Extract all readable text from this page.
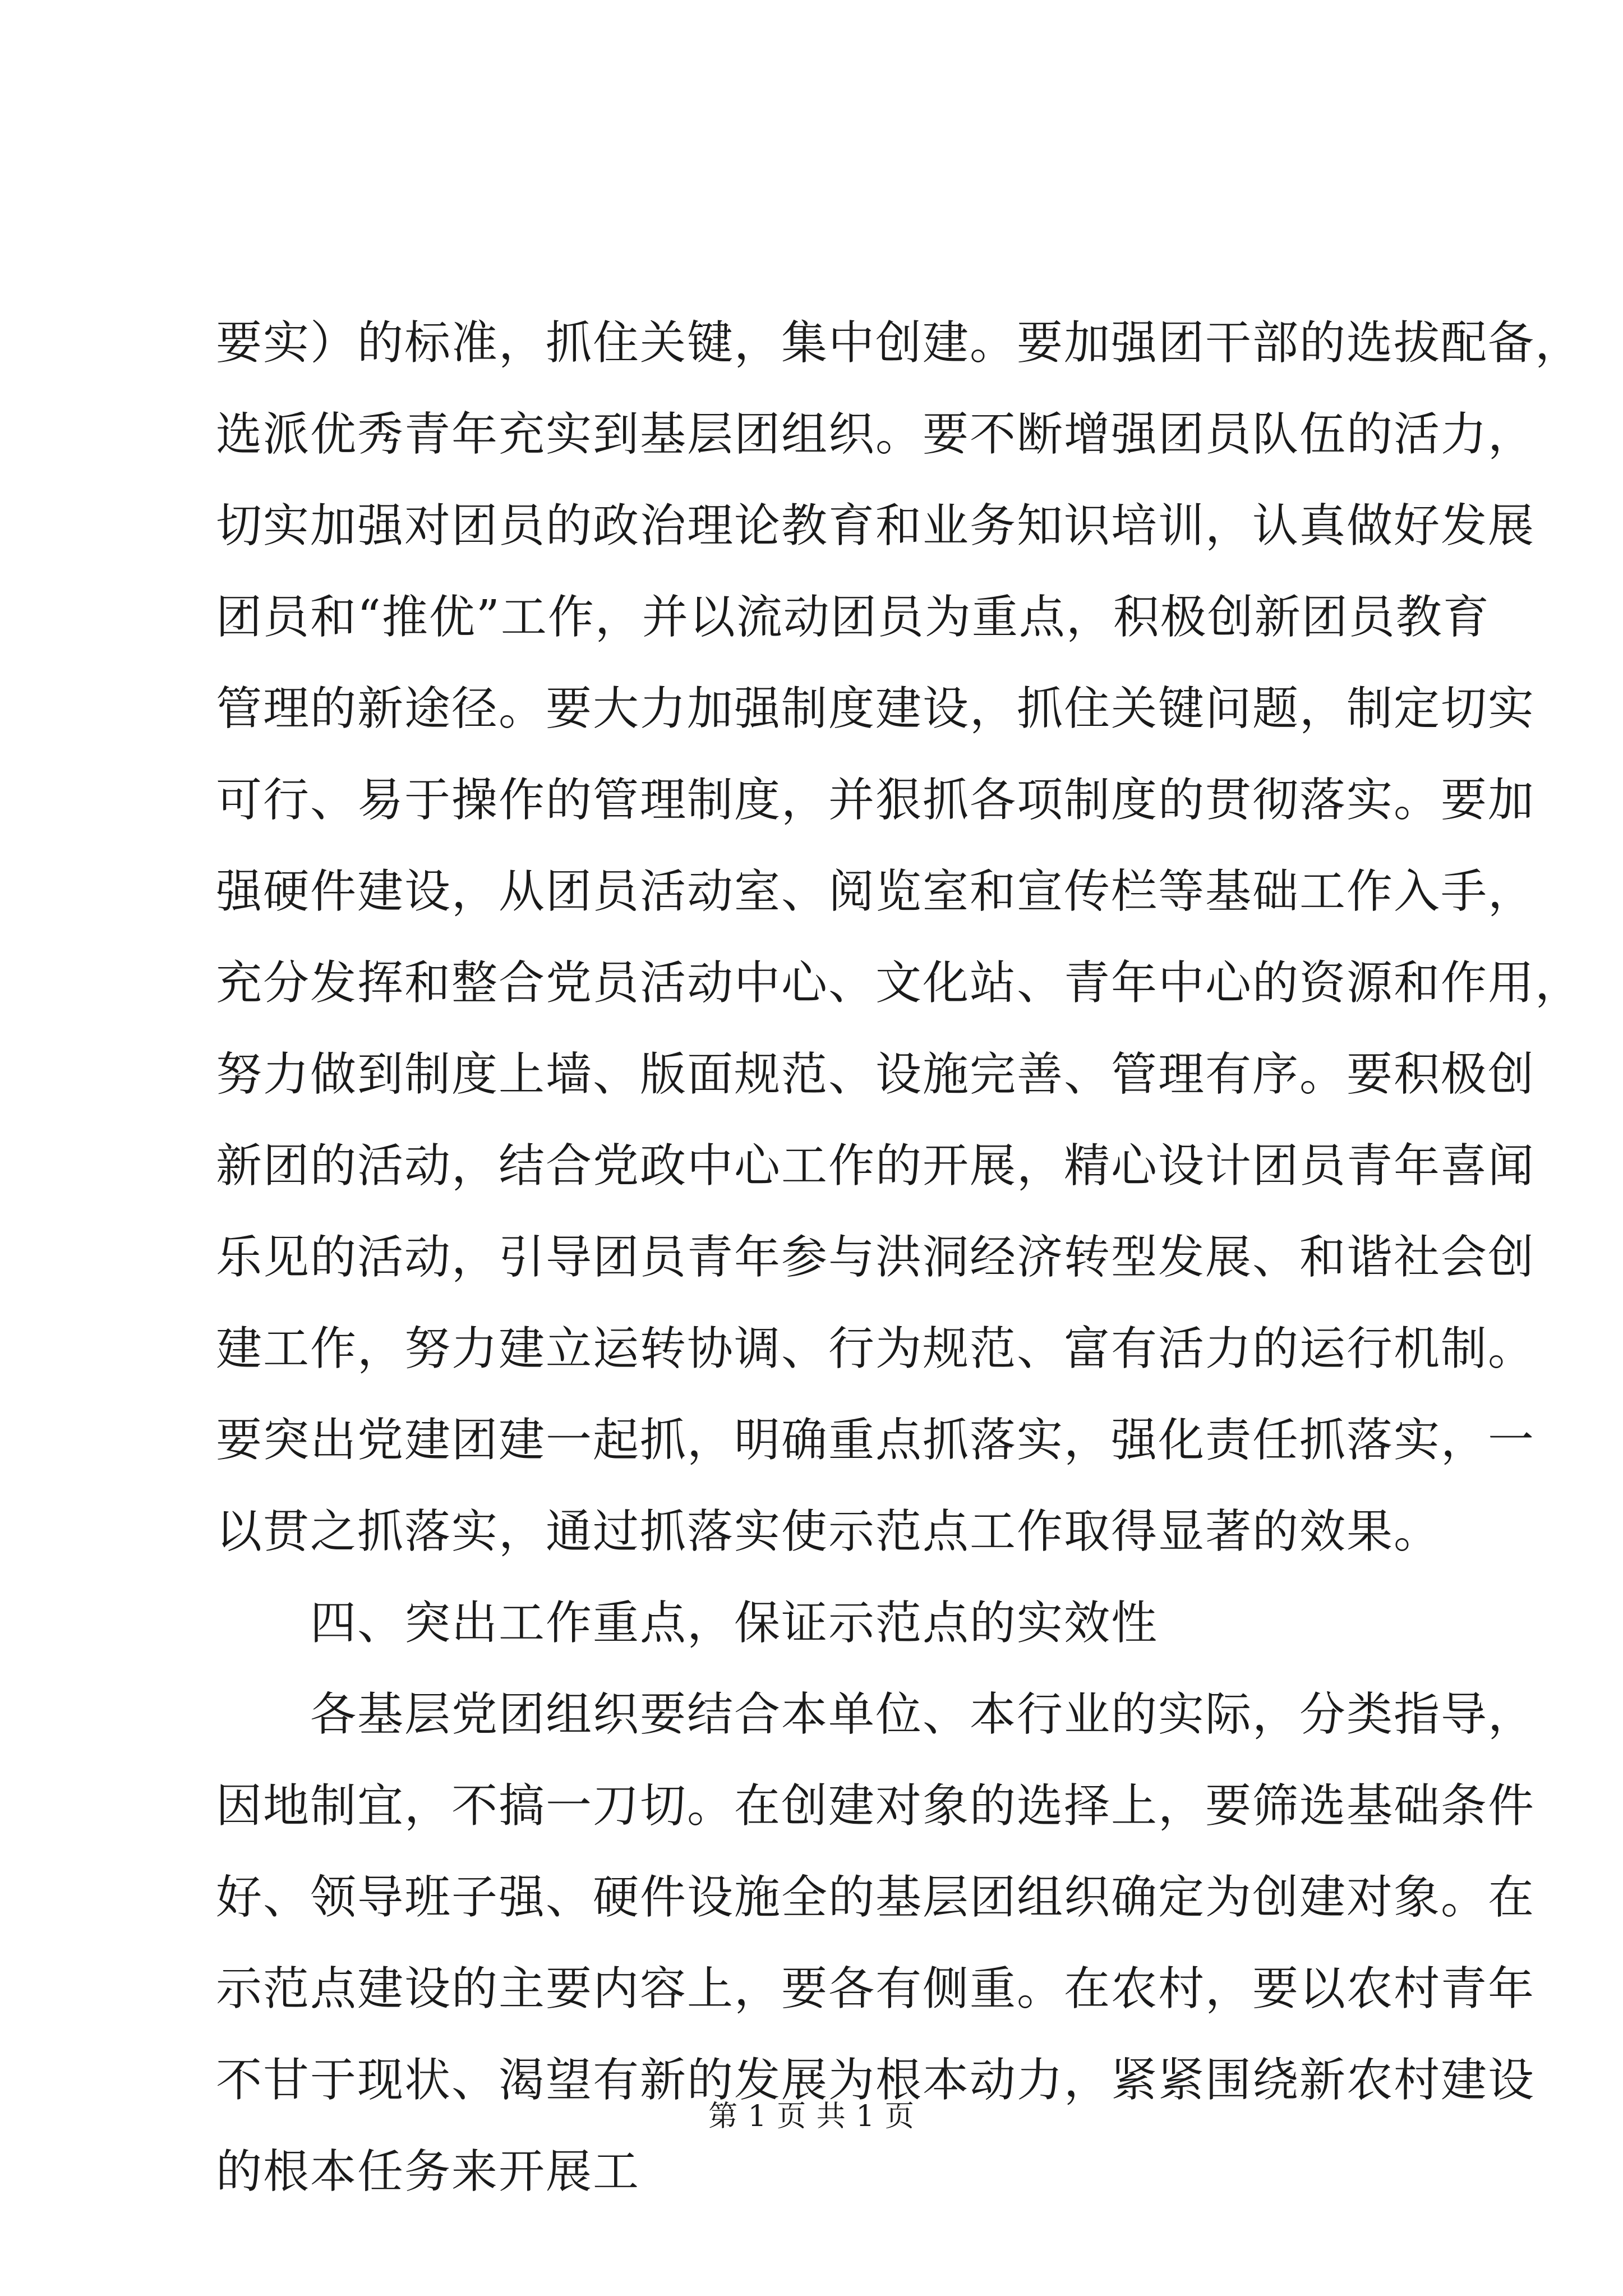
要实）的标准，抓住关键，集中创建。要加强团干部的选拔配备，
选派优秀青年充实到基层团组织。要不断增强团员队伍的活力，
切实加强对团员的政治理论教育和业务知识培训，认真做好发展
团员和“推优”工作，并以流动团员为重点，积极创新团员教育
管理的新途径。要大力加强制度建设，抓住关键问题，制定切实
可行、易于操作的管理制度，并狠抓各项制度的贯彻落实。要加
强硬件建设，从团员活动室、阅览室和宣传栏等基础工作入手，
充分发挥和整合党员活动中心、文化站、青年中心的资源和作用，
努力做到制度上墙、版面规范、设施完善、管理有序。要积极创
新团的活动，结合党政中心工作的开展，精心设计团员青年喜闻
乐见的活动，引导团员青年参与洪洞经济转型发展、和谐社会创
建工作，努力建立运转协调、行为规范、富有活力的运行机制。
要突出党建团建一起抓，明确重点抓落实，强化责任抓落实，一
以贯之抓落实，通过抓落实使示范点工作取得显著的效果。
　　四、突出工作重点，保证示范点的实效性
　　各基层党团组织要结合本单位、本行业的实际，分类指导，
因地制宜，不搞一刀切。在创建对象的选择上，要筛选基础条件
好、领导班子强、硬件设施全的基层团组织确定为创建对象。在
示范点建设的主要内容上，要各有侧重。在农村，要以农村青年
不甘于现状、渴望有新的发展为根本动力，紧紧围绕新农村建设
的根本任务来开展工
第 1 页 共 1 页
